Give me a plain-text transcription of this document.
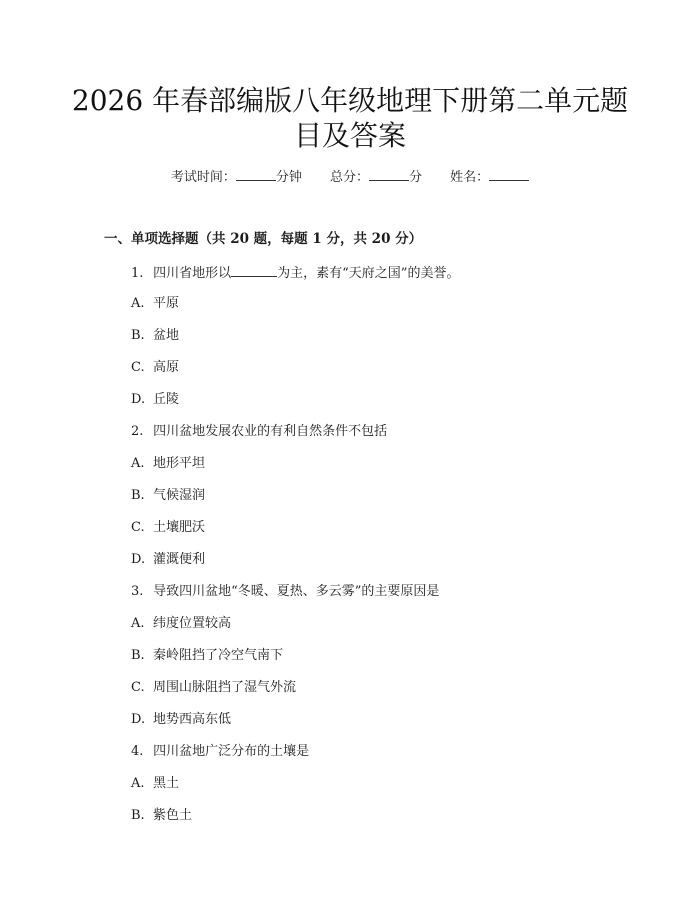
2026 年春部编版八年级地理下册第二单元题
目及答案
考试时间：	分钟 总分：	分 姓名：
一、单项选择题（共 20 题，每题 1 分，共 20 分）
1. 四川省地形以	为主，素有“天府之国”的美誉。
A. 平原
B. 盆地
C. 高原
D. 丘陵
2. 四川盆地发展农业的有利自然条件不包括
A. 地形平坦
B. 气候湿润
C. 土壤肥沃
D. 灌溉便利
3. 导致四川盆地“冬暖、夏热、多云雾”的主要原因是
A. 纬度位置较高
B. 秦岭阻挡了冷空气南下
C. 周围山脉阻挡了湿气外流
D. 地势西高东低
4. 四川盆地广泛分布的土壤是
A. 黑土
B. 紫色土
